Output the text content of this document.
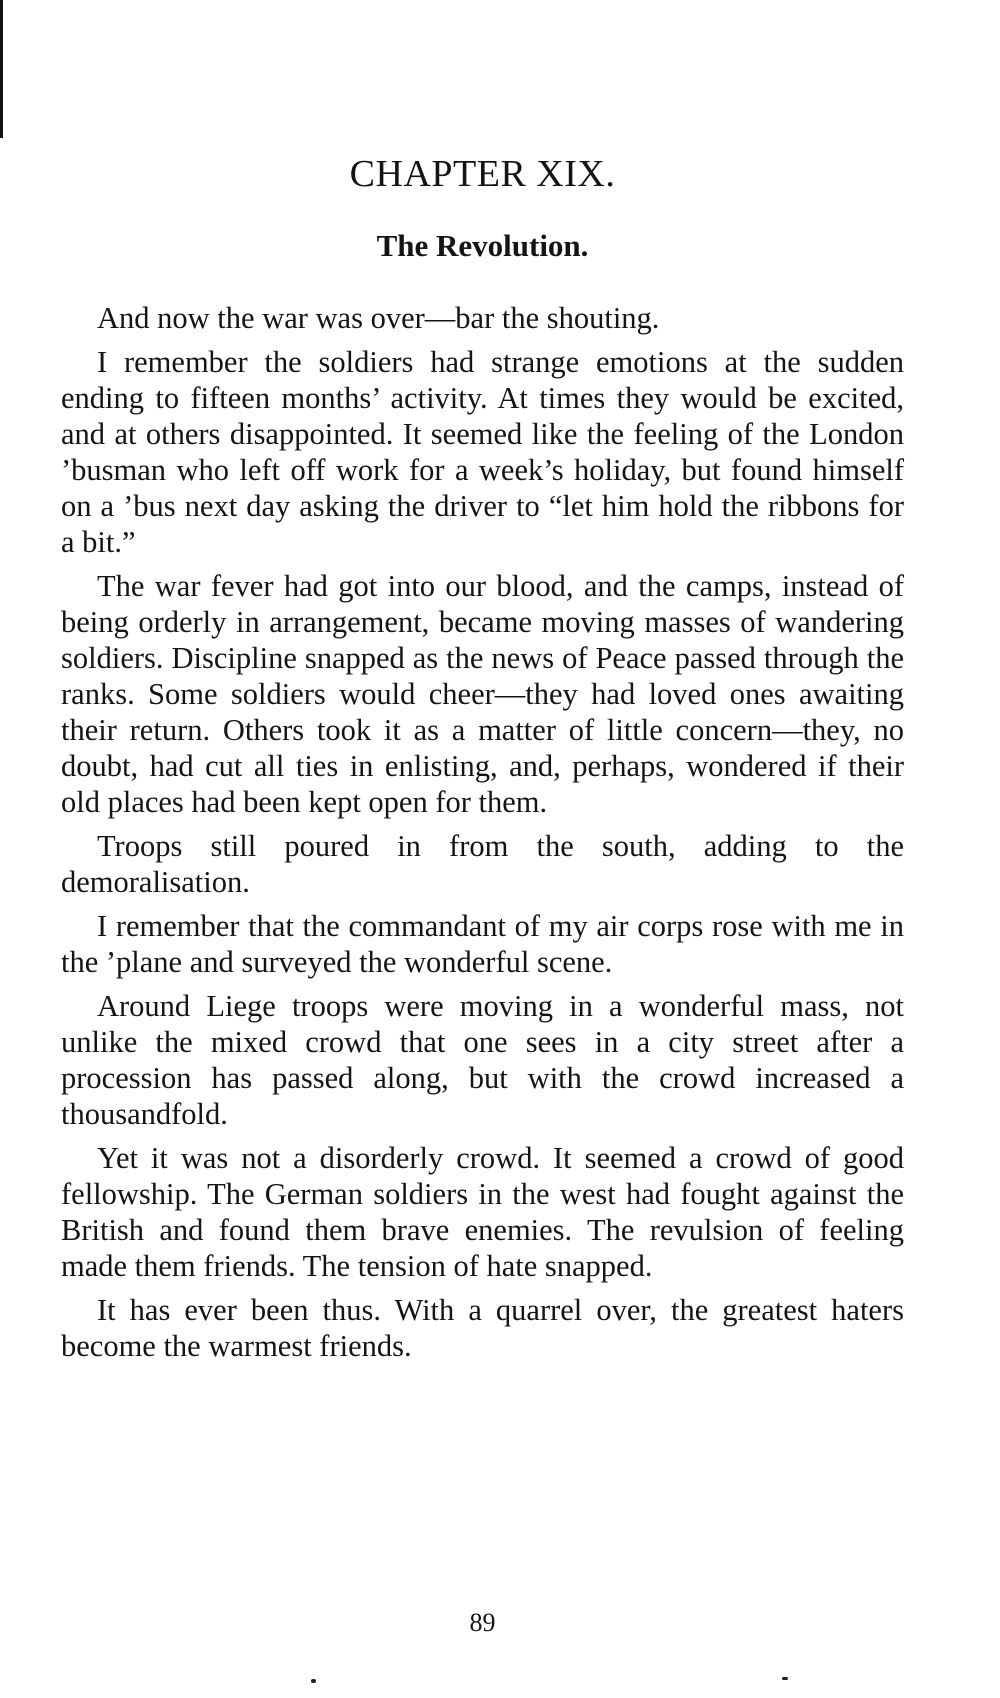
CHAPTER XIX.
The Revolution.

And now the war was over—bar the shouting.

I remember the soldiers had strange emotions at the sudden ending to fifteen months’ activity. At times they would be excited, and at others disappointed. It seemed like the feeling of the London ’busman who left off work for a week’s holiday, but found himself on a ’bus next day asking the driver to “let him hold the ribbons for a bit.”

The war fever had got into our blood, and the camps, instead of being orderly in arrangement, became moving masses of wandering soldiers. Discipline snapped as the news of Peace passed through the ranks. Some soldiers would cheer—they had loved ones awaiting their return. Others took it as a matter of little concern—they, no doubt, had cut all ties in enlisting, and, perhaps, wondered if their old places had been kept open for them.

Troops still poured in from the south, adding to the demoralisation.

I remember that the commandant of my air corps rose with me in the ’plane and surveyed the wonderful scene.

Around Liege troops were moving in a wonderful mass, not unlike the mixed crowd that one sees in a city street after a procession has passed along, but with the crowd increased a thousandfold.

Yet it was not a disorderly crowd. It seemed a crowd of good fellowship. The German soldiers in the west had fought against the British and found them brave enemies. The revulsion of feeling made them friends. The tension of hate snapped.

It has ever been thus. With a quarrel over, the greatest haters become the warmest friends.

89
